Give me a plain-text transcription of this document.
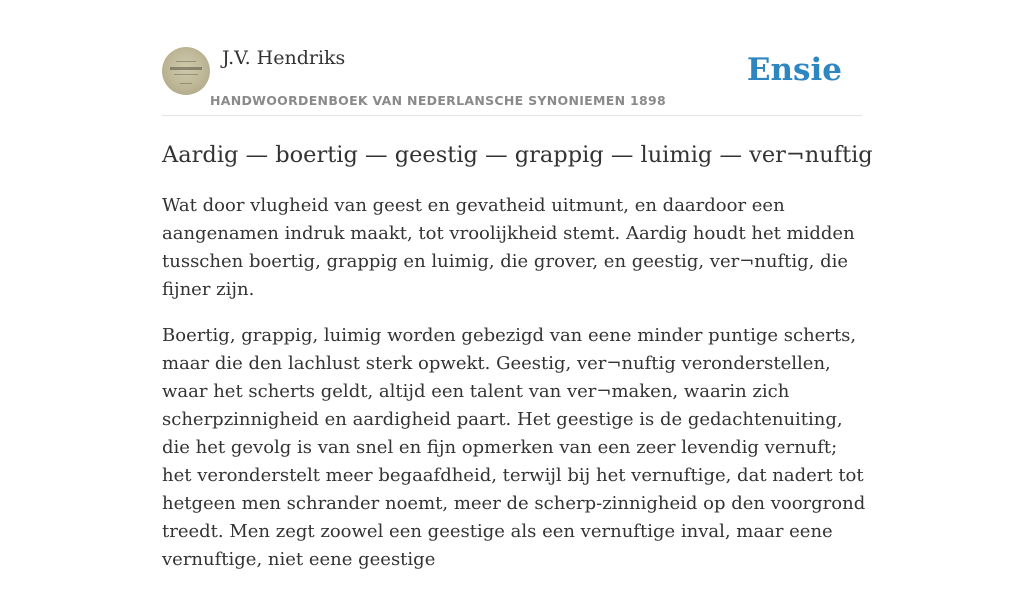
J.V. Hendriks
HANDWOORDENBOEK VAN NEDERLANSCHE SYNONIEMEN 1898
Ensie
Aardig — boertig — geestig — grappig — luimig — ver¬nuftig

Wat door vlugheid van geest en gevatheid uitmunt, en daardoor een aangenamen indruk maakt, tot vroolijkheid stemt. Aardig houdt het midden tusschen boertig, grappig en luimig, die grover, en geestig, ver¬nuftig, die fijner zijn.

Boertig, grappig, luimig worden gebezigd van eene minder puntige scherts, maar die den lachlust sterk opwekt. Geestig, ver¬nuftig veronderstellen, waar het scherts geldt, altijd een talent van ver¬maken, waarin zich scherpzinnigheid en aardigheid paart. Het geestige is de gedachtenuiting, die het gevolg is van snel en fijn opmerken van een zeer levendig vernuft; het veronderstelt meer begaafdheid, terwijl bij het vernuftige, dat nadert tot hetgeen men schrander noemt, meer de scherp-zinnigheid op den voorgrond treedt. Men zegt zoowel een geestige als een vernuftige inval, maar eene vernuftige, niet eene geestige
